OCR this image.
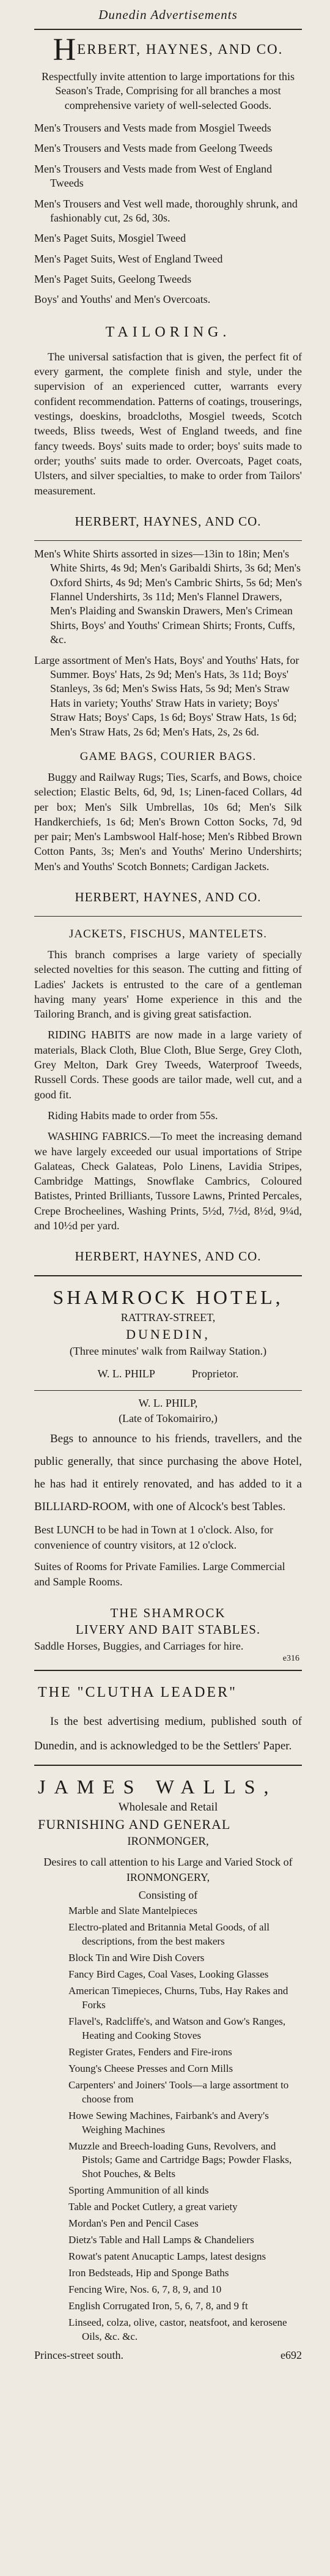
Dunedin Advertisements
HERBERT, HAYNES, AND CO.
Respectfully invite attention to large importations for this Season's Trade, Comprising for all branches a most comprehensive variety of well-selected Goods.
Men's Trousers and Vests made from Mosgiel Tweeds
Men's Trousers and Vests made from Geelong Tweeds
Men's Trousers and Vests made from West of England Tweeds
Men's Trousers and Vest well made, thoroughly shrunk, and fashionably cut, 2s 6d, 30s.
Men's Paget Suits, Mosgiel Tweed
Men's Paget Suits, West of England Tweed
Men's Paget Suits, Geelong Tweeds
Boys' and Youths' and Men's Overcoats.
TAILORING.
The universal satisfaction that is given, the perfect fit of every garment, the complete finish and style, under the supervision of an experienced cutter, warrants every confident recommendation. Patterns of coatings, trouserings, vestings, doeskins, broadcloths, Mosgiel tweeds, Scotch tweeds, Bliss tweeds, West of England tweeds, and fine fancy tweeds. Boys' suits made to order; boys' suits made to order; youths' suits made to order. Overcoats, Paget coats, Ulsters, and silver specialties, to make to order from Tailors' measurement.
HERBERT, HAYNES, AND CO.
Men's White Shirts assorted in sizes—13in to 18in; Men's White Shirts, 4s 9d; Men's Garibaldi Shirts, 3s 6d; Men's Oxford Shirts, 4s 9d; Men's Cambric Shirts, 5s 6d; Men's Flannel Undershirts, 3s 11d; Men's Flannel Drawers, Men's Plaiding and Swanskin Drawers, Men's Crimean Shirts, Boys' and Youths' Crimean Shirts; Fronts, Cuffs, &c.
Large assortment of Men's Hats, Boys' and Youths' Hats, for Summer. Boys' Hats, 2s 9d; Men's Hats, 3s 11d; Boys' Stanleys, 3s 6d; Men's Swiss Hats, 5s 9d; Men's Straw Hats in variety; Youths' Straw Hats in variety; Boys' Straw Hats; Boys' Caps, 1s 6d; Boys' Straw Hats, 1s 6d; Men's Straw Hats, 2s 6d; Men's Hats, 2s, 2s 6d.
GAME BAGS, COURIER BAGS.
Buggy and Railway Rugs; Ties, Scarfs, and Bows, choice selection; Elastic Belts, 6d, 9d, 1s; Linen-faced Collars, 4d per box; Men's Silk Umbrellas, 10s 6d; Men's Silk Handkerchiefs, 1s 6d; Men's Brown Cotton Socks, 7d, 9d per pair; Men's Lambswool Half-hose; Men's Ribbed Brown Cotton Pants, 3s; Men's and Youths' Merino Undershirts; Men's and Youths' Scotch Bonnets; Cardigan Jackets.
HERBERT, HAYNES, AND CO.
JACKETS, FISCHUS, MANTELETS.
This branch comprises a large variety of specially selected novelties for this season. The cutting and fitting of Ladies' Jackets is entrusted to the care of a gentleman having many years' Home experience in this and the Tailoring Branch, and is giving great satisfaction.
RIDING HABITS are now made in a large variety of materials, Black Cloth, Blue Cloth, Blue Serge, Grey Cloth, Grey Melton, Dark Grey Tweeds, Waterproof Tweeds, Russell Cords. These goods are tailor made, well cut, and a good fit.
Riding Habits made to order from 55s.
WASHING FABRICS.—To meet the increasing demand we have largely exceeded our usual importations of Stripe Galateas, Check Galateas, Polo Linens, Lavidia Stripes, Cambridge Mattings, Snowflake Cambrics, Coloured Batistes, Printed Brilliants, Tussore Lawns, Printed Percales, Crepe Brocheelines, Washing Prints, 5½d, 7½d, 8½d, 9¼d, and 10½d per yard.
HERBERT, HAYNES, AND CO.
SHAMROCK HOTEL,
RATTRAY-STREET,
DUNEDIN,
(Three minutes' walk from Railway Station.)
W. L. PHILP	Proprietor.
W. L. PHILP,
(Late of Tokomairiro,)
Begs to announce to his friends, travellers, and the public generally, that since purchasing the above Hotel, he has had it entirely renovated, and has added to it a BILLIARD-ROOM, with one of Alcock's best Tables.
Best LUNCH to be had in Town at 1 o'clock. Also, for convenience of country visitors, at 12 o'clock.
Suites of Rooms for Private Families. Large Commercial and Sample Rooms.
THE SHAMROCK
LIVERY AND BAIT STABLES.
Saddle Horses, Buggies, and Carriages for hire.
e316
THE "CLUTHA LEADER"
Is the best advertising medium, published south of Dunedin, and is acknowledged to be the Settlers' Paper.
JAMES WALLS,
Wholesale and Retail
FURNISHING AND GENERAL
IRONMONGER,
Desires to call attention to his Large and Varied Stock of IRONMONGERY,
Consisting of
Marble and Slate Mantelpieces
Electro-plated and Britannia Metal Goods, of all descriptions, from the best makers
Block Tin and Wire Dish Covers
Fancy Bird Cages, Coal Vases, Looking Glasses
American Timepieces, Churns, Tubs, Hay Rakes and Forks
Flavel's, Radcliffe's, and Watson and Gow's Ranges, Heating and Cooking Stoves
Register Grates, Fenders and Fire-irons
Young's Cheese Presses and Corn Mills
Carpenters' and Joiners' Tools—a large assortment to choose from
Howe Sewing Machines, Fairbank's and Avery's Weighing Machines
Muzzle and Breech-loading Guns, Revolvers, and Pistols; Game and Cartridge Bags; Powder Flasks, Shot Pouches, & Belts
Sporting Ammunition of all kinds
Table and Pocket Cutlery, a great variety
Mordan's Pen and Pencil Cases
Dietz's Table and Hall Lamps & Chandeliers
Rowat's patent Anucaptic Lamps, latest designs
Iron Bedsteads, Hip and Sponge Baths
Fencing Wire, Nos. 6, 7, 8, 9, and 10
English Corrugated Iron, 5, 6, 7, 8, and 9 ft
Linseed, colza, olive, castor, neatsfoot, and kerosene Oils, &c. &c.
Princes-street south.	e692
